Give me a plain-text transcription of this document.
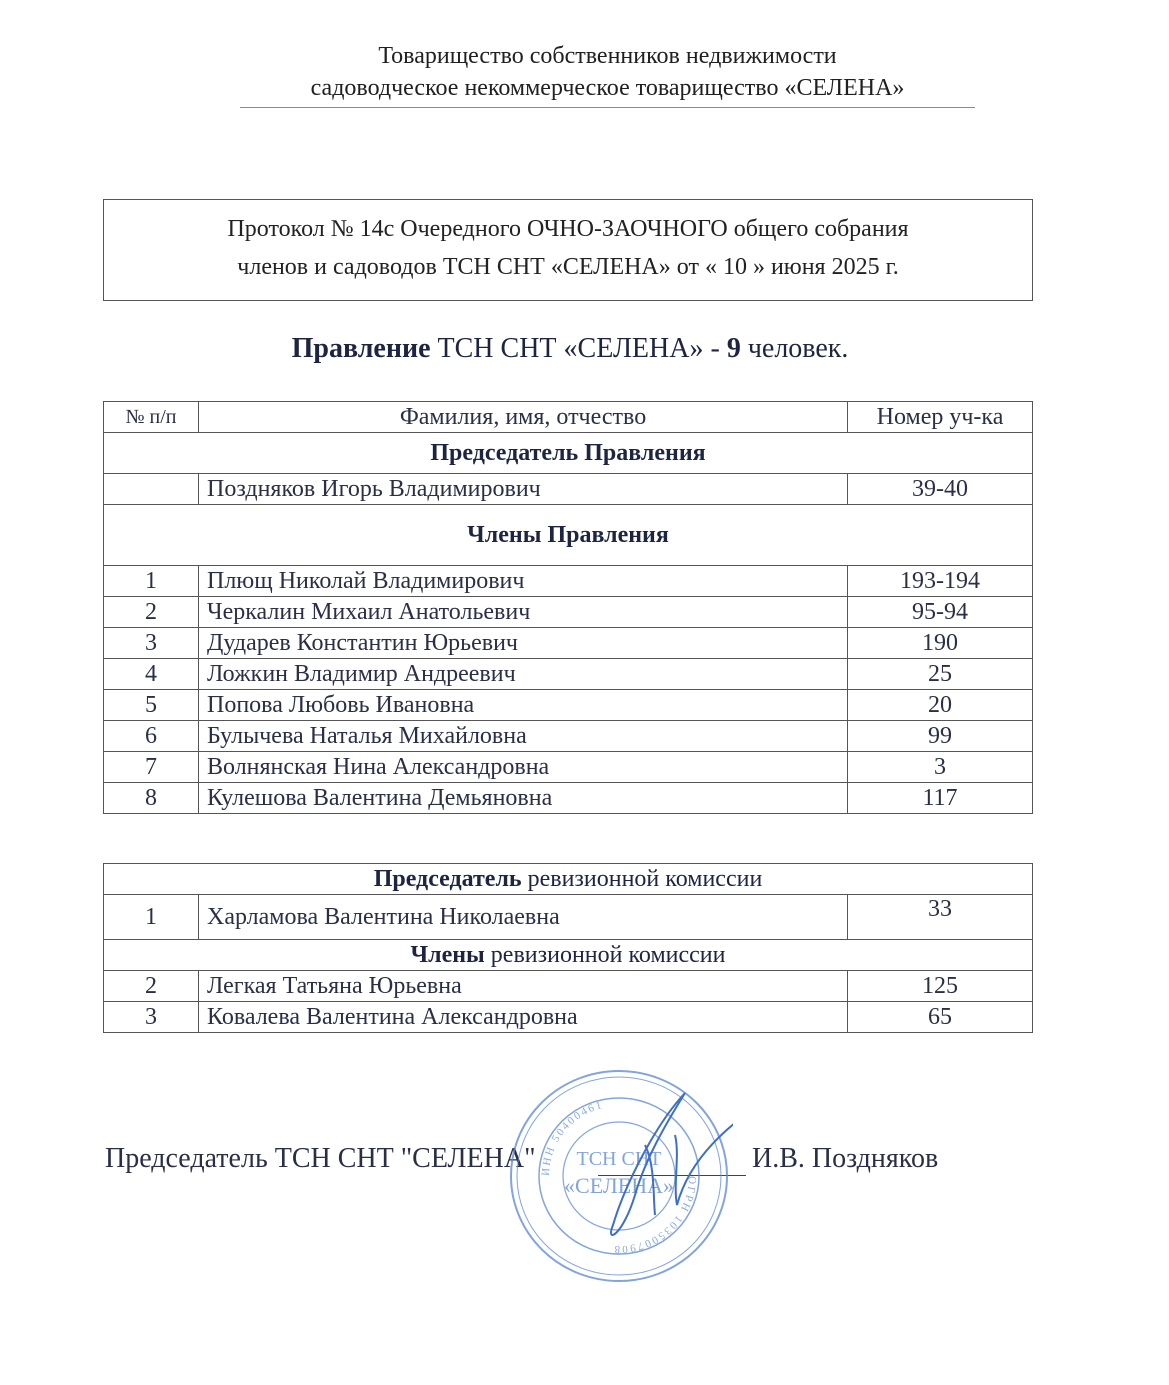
Товарищество собственников недвижимости
садоводческое некоммерческое товарищество «СЕЛЕНА»
Протокол № 14с Очередного ОЧНО-ЗАОЧНОГО общего собрания
членов и садоводов ТСН СНТ «СЕЛЕНА» от « 10 » июня 2025 г.
Правление ТСН СНТ «СЕЛЕНА» - 9 человек.
№ п/п	Фамилия, имя, отчество	Номер уч-ка
Председатель Правления		
	Поздняков Игорь Владимирович	39-40
Члены Правления		
1	Плющ Николай Владимирович	193-194
2	Черкалин Михаил Анатольевич	95-94
3	Дударев Константин Юрьевич	190
4	Ложкин Владимир Андреевич	25
5	Попова Любовь Ивановна	20
6	Булычева Наталья Михайловна	99
7	Волнянская Нина Александровна	3
8	Кулешова Валентина Демьяновна	117
Председатель ревизионной комиссии		
1	Харламова Валентина Николаевна	33
Члены ревизионной комиссии		
2	Легкая Татьяна Юрьевна	125
3	Ковалева Валентина Александровна	65
Председатель ТСН СНТ "СЕЛЕНА"	И.В. Поздняков
ИНН 50400461
ОГРН 1035007908
ТСН СНТ
«СЕЛЕНА»
